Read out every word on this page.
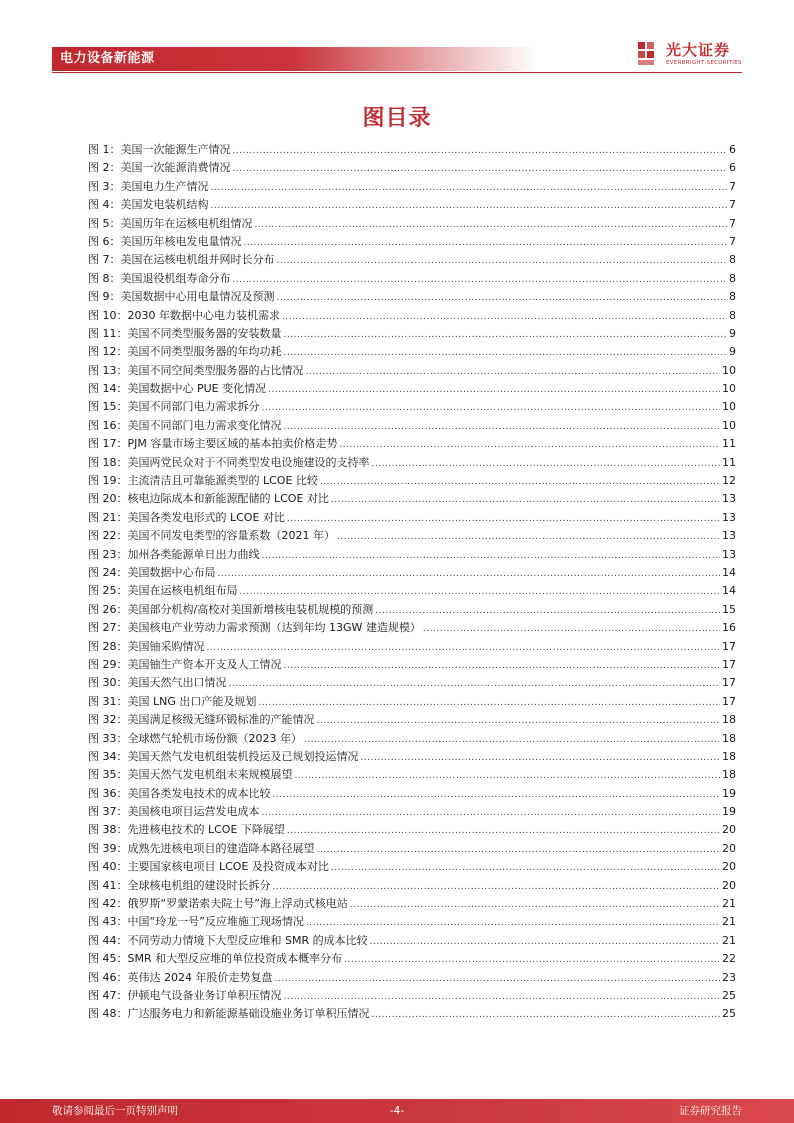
电力设备新能源	光大证券
EVERBRIGHT SECURITIES
图目录
图 1：美国一次能源生产情况 .....	6
图 2：美国一次能源消费情况 .....	6
图 3：美国电力生产情况 .....	7
图 4：美国发电装机结构 .....	7
图 5：美国历年在运核电机组情况 .....	7
图 6：美国历年核电发电量情况 .....	7
图 7：美国在运核电机组并网时长分布 .....	8
图 8：美国退役机组寿命分布 .....	8
图 9：美国数据中心用电量情况及预测 .....	8
图 10：2030 年数据中心电力装机需求 .....	8
图 11：美国不同类型服务器的安装数量 .....	9
图 12：美国不同类型服务器的年均功耗 .....	9
图 13：美国不同空间类型服务器的占比情况 .....	10
图 14：美国数据中心 PUE 变化情况 .....	10
图 15：美国不同部门电力需求拆分 .....	10
图 16：美国不同部门电力需求变化情况 .....	10
图 17：PJM 容量市场主要区域的基本拍卖价格走势 .....	11
图 18：美国两党民众对于不同类型发电设施建设的支持率 .....	11
图 19：主流清洁且可靠能源类型的 LCOE 比较 .....	12
图 20：核电边际成本和新能源配储的 LCOE 对比 .....	13
图 21：美国各类发电形式的 LCOE 对比 .....	13
图 22：美国不同发电类型的容量系数（2021 年） .....	13
图 23：加州各类能源单日出力曲线 .....	13
图 24：美国数据中心布局 .....	14
图 25：美国在运核电机组布局 .....	14
图 26：美国部分机构/高校对美国新增核电装机规模的预测 .....	15
图 27：美国核电产业劳动力需求预测（达到年均 13GW 建造规模） .....	16
图 28：美国铀采购情况 .....	17
图 29：美国铀生产资本开支及人工情况 .....	17
图 30：美国天然气出口情况 .....	17
图 31：美国 LNG 出口产能及规划 .....	17
图 32：美国满足核级无缝环锻标准的产能情况 .....	18
图 33：全球燃气轮机市场份额（2023 年） .....	18
图 34：美国天然气发电机组装机投运及已规划投运情况 .....	18
图 35：美国天然气发电机组未来规模展望 .....	18
图 36：美国各类发电技术的成本比较 .....	19
图 37：美国核电项目运营发电成本 .....	19
图 38：先进核电技术的 LCOE 下降展望 .....	20
图 39：成熟先进核电项目的建造降本路径展望 .....	20
图 40：主要国家核电项目 LCOE 及投资成本对比 .....	20
图 41：全球核电机组的建设时长拆分 .....	20
图 42：俄罗斯“罗蒙诺索夫院士号”海上浮动式核电站 .....	21
图 43：中国“玲龙一号”反应堆施工现场情况 .....	21
图 44：不同劳动力情境下大型反应堆和 SMR 的成本比较 .....	21
图 45：SMR 和大型反应堆的单位投资成本概率分布 .....	22
图 46：英伟达 2024 年股价走势复盘 .....	23
图 47：伊顿电气设备业务订单积压情况 .....	25
图 48：广达服务电力和新能源基础设施业务订单积压情况 .....	25
敬请参阅最后一页特别声明	-4-	证券研究报告
